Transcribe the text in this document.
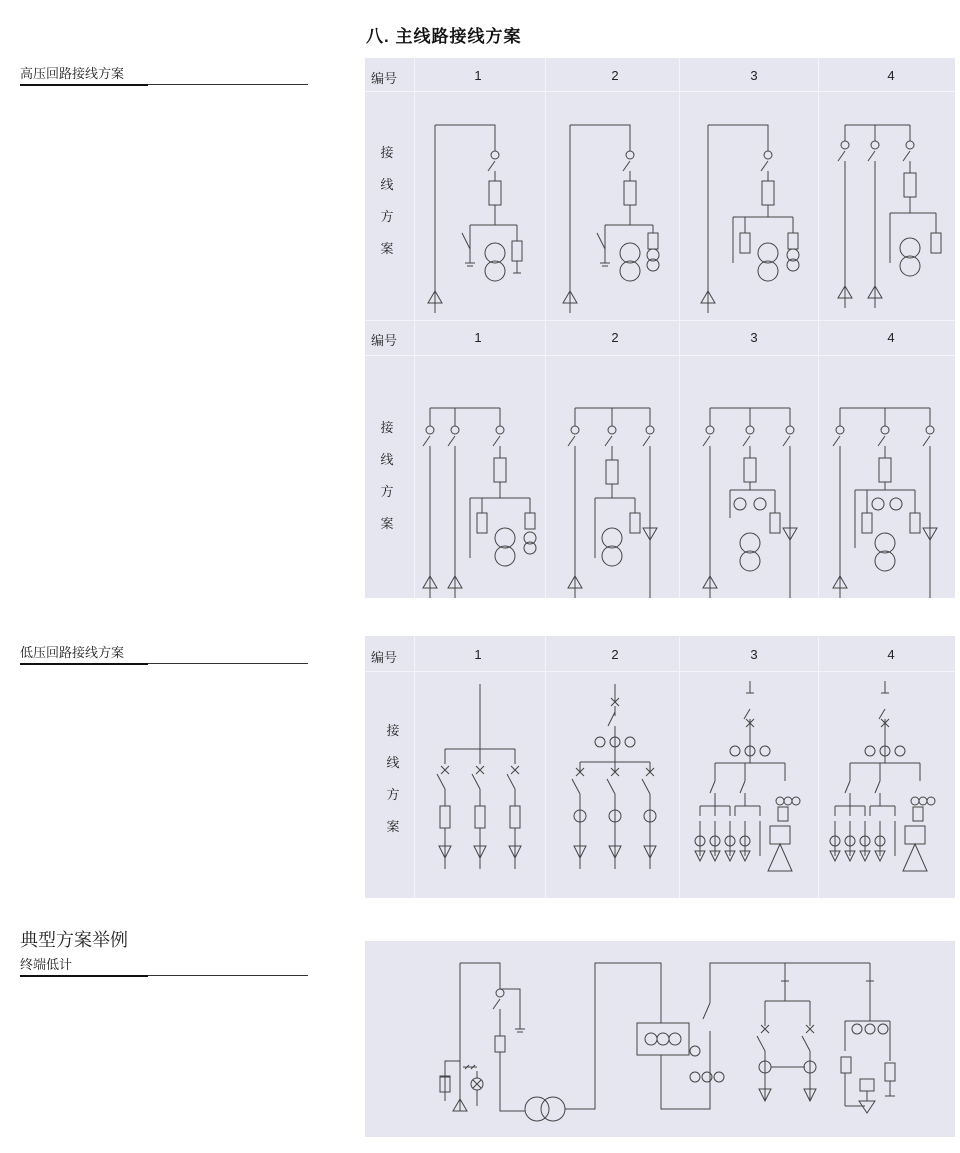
八. 主线路接线方案
高压回路接线方案
低压回路接线方案
典型方案举例
终端低计
编号	1	2	3	4
接
线
方
案
编号	1	2	3	4
接
线
方
案
编号	1	2	3	4
接
线
方
案
